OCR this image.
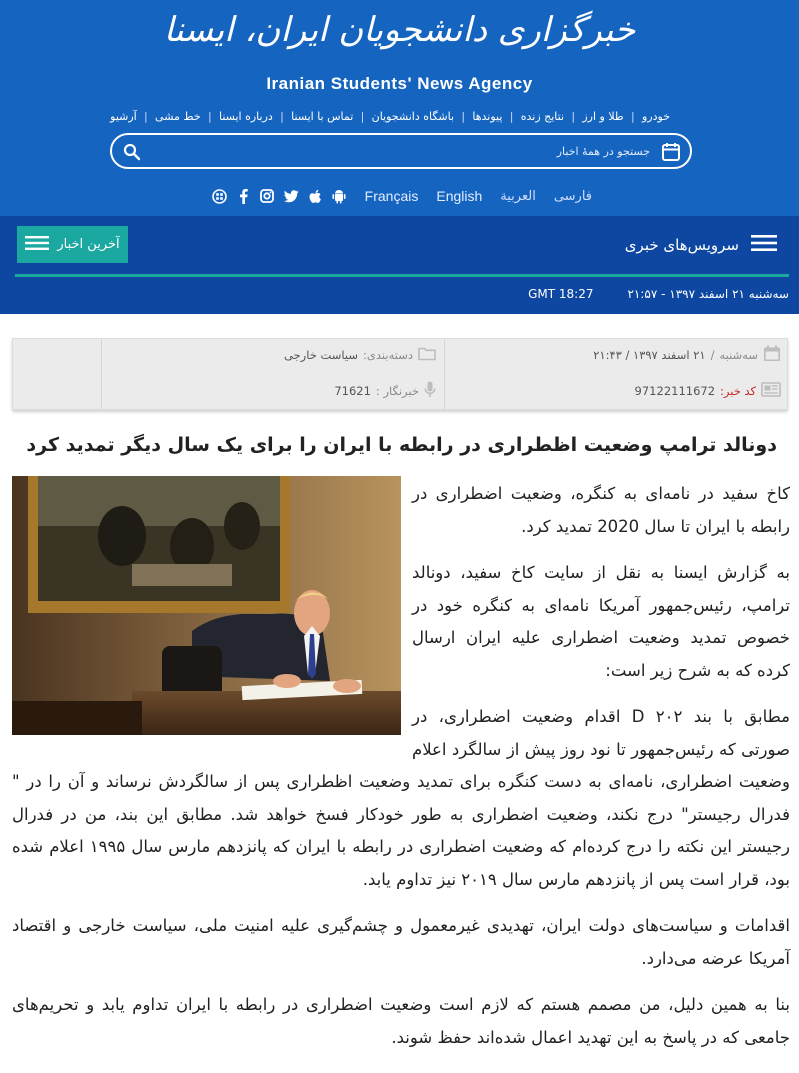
خبرگزاری دانشجویان ایران، ایسنا
Iranian Students' News Agency
آرشیو | خط مشی | درباره ایسنا | تماس با ایسنا | باشگاه دانشجویان | پیوندها | نتایج زنده | طلا و ارز | خودرو
جستجو در همهٔ اخبار
فارسی
العربية
English
Français
آخرین اخبار	سرویس‌های خبری
سه‌شنبه ۲۱ اسفند ۱۳۹۷ - ۲۱:۵۷
GMT 18:27
سه‌شنبه
/
۲۱ اسفند ۱۳۹۷ / ۲۱:۴۳
کد خبر:
97122111672
دسته‌بندی:
سیاست خارجی
خبرنگار :
71621
دونالد ترامپ وضعیت اظطراری در رابطه با ایران را برای یک سال دیگر تمدید کرد

کاخ سفید در نامه‌ای به کنگره، وضعیت اضطراری در رابطه با ایران تا سال 2020 تمدید کرد.

به گزارش ایسنا به نقل از سایت کاخ سفید، دونالد ترامپ، رئیس‌جمهور آمریکا نامه‌ای به کنگره خود در خصوص تمدید وضعیت اضطراری علیه ایران ارسال کرده که به شرح زیر است:

مطابق با بند ۲۰۲ D اقدام وضعیت اضطراری، در صورتی که رئیس‌جمهور تا نود روز پیش از سالگرد اعلام وضعیت اضطراری، نامه‌ای به دست کنگره برای تمدید وضعیت اظطراری پس از سالگردش نرساند و آن را در " فدرال رجیستر" درج نکند، وضعیت اضطراری به طور خودکار فسخ خواهد شد. مطابق این بند، من در فدرال رجیستر این نکته را درج کرده‌ام که وضعیت اضطراری در رابطه با ایران که پانزدهم مارس سال ۱۹۹۵ اعلام شده بود، قرار است پس از پانزدهم مارس سال ۲۰۱۹ نیز تداوم یابد.

اقدامات و سیاست‌های دولت ایران، تهدیدی غیرمعمول و چشم‌گیری علیه امنیت ملی، سیاست خارجی و اقتصاد آمریکا عرضه می‌دارد.

بنا به همین دلیل، من مصمم هستم که لازم است وضعیت اضطراری در رابطه با ایران تداوم یابد و تحریم‌های جامعی که در پاسخ به این تهدید اعمال شده‌اند حفظ شوند.
